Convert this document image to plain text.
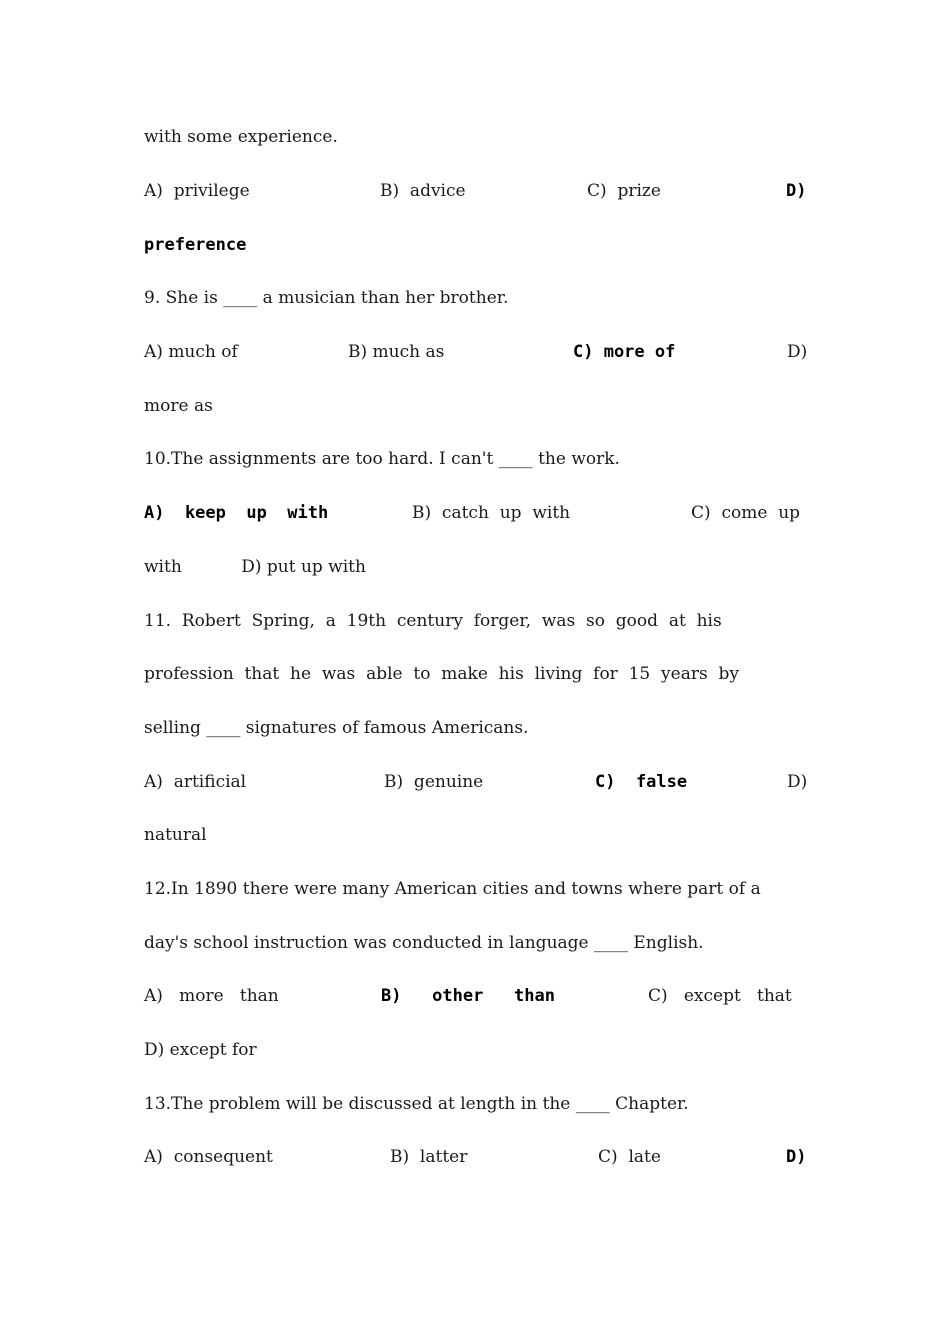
with some experience.
A)  privilege	B)  advice	C)  prize	D)
preference
9. She is ____ a musician than her brother.
A) much of	B) much as	C) more of	D)
more as
10.The assignments are too hard. I can't ____ the work.
A)  keep  up  with	B)  catch  up  with	C)  come  up
with           D) put up with
11.  Robert  Spring,  a  19th  century  forger,  was  so  good  at  his
profession  that  he  was  able  to  make  his  living  for  15  years  by
selling ____ signatures of famous Americans.
A)  artificial	B)  genuine	C)  false	D)
natural
12.In 1890 there were many American cities and towns where part of a
day's school instruction was conducted in language ____ English.
A)   more   than	B)   other   than	C)   except   that
D) except for
13.The problem will be discussed at length in the ____ Chapter.
A)  consequent	B)  latter	C)  late	D)
